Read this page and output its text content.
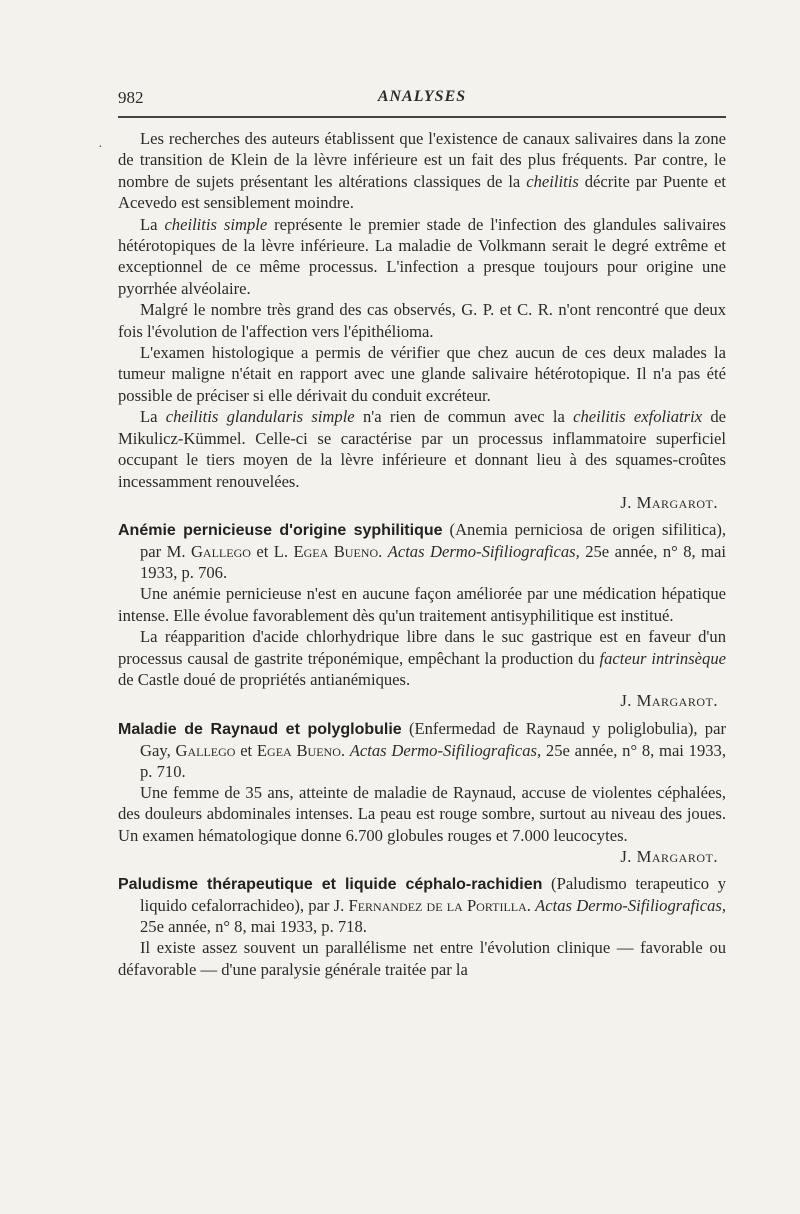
·
982	ANALYSES

Les recherches des auteurs établissent que l'existence de canaux salivaires dans la zone de transition de Klein de la lèvre inférieure est un fait des plus fréquents. Par contre, le nombre de sujets présentant les altérations classiques de la cheilitis décrite par Puente et Acevedo est sensiblement moindre.

La cheilitis simple représente le premier stade de l'infection des glandules salivaires hétérotopiques de la lèvre inférieure. La maladie de Volkmann serait le degré extrême et exceptionnel de ce même processus. L'infection a presque toujours pour origine une pyorrhée alvéolaire.

Malgré le nombre très grand des cas observés, G. P. et C. R. n'ont rencontré que deux fois l'évolution de l'affection vers l'épithélioma.

L'examen histologique a permis de vérifier que chez aucun de ces deux malades la tumeur maligne n'était en rapport avec une glande salivaire hétérotopique. Il n'a pas été possible de préciser si elle dérivait du conduit excréteur.

La cheilitis glandularis simple n'a rien de commun avec la cheilitis exfoliatrix de Mikulicz-Kümmel. Celle-ci se caractérise par un processus inflammatoire superficiel occupant le tiers moyen de la lèvre inférieure et donnant lieu à des squames-croûtes incessamment renouvelées.

J. Margarot.

Anémie pernicieuse d'origine syphilitique (Anemia perniciosa de origen sifilitica), par M. Gallego et L. Egea Bueno. Actas Dermo-Sifiliograficas, 25e année, n° 8, mai 1933, p. 706.

Une anémie pernicieuse n'est en aucune façon améliorée par une médication hépatique intense. Elle évolue favorablement dès qu'un traitement antisyphilitique est institué.

La réapparition d'acide chlorhydrique libre dans le suc gastrique est en faveur d'un processus causal de gastrite tréponémique, empêchant la production du facteur intrinsèque de Castle doué de propriétés antianémiques.

J. Margarot.

Maladie de Raynaud et polyglobulie (Enfermedad de Raynaud y poliglobulia), par Gay, Gallego et Egea Bueno. Actas Dermo-Sifiliograficas, 25e année, n° 8, mai 1933, p. 710.

Une femme de 35 ans, atteinte de maladie de Raynaud, accuse de violentes céphalées, des douleurs abdominales intenses. La peau est rouge sombre, surtout au niveau des joues. Un examen hématologique donne 6.700 globules rouges et 7.000 leucocytes.

J. Margarot.

Paludisme thérapeutique et liquide céphalo-rachidien (Paludismo terapeutico y liquido cefalorrachideo), par J. Fernandez de la Portilla. Actas Dermo-Sifiliograficas, 25e année, n° 8, mai 1933, p. 718.

Il existe assez souvent un parallélisme net entre l'évolution clinique — favorable ou défavorable — d'une paralysie générale traitée par la
